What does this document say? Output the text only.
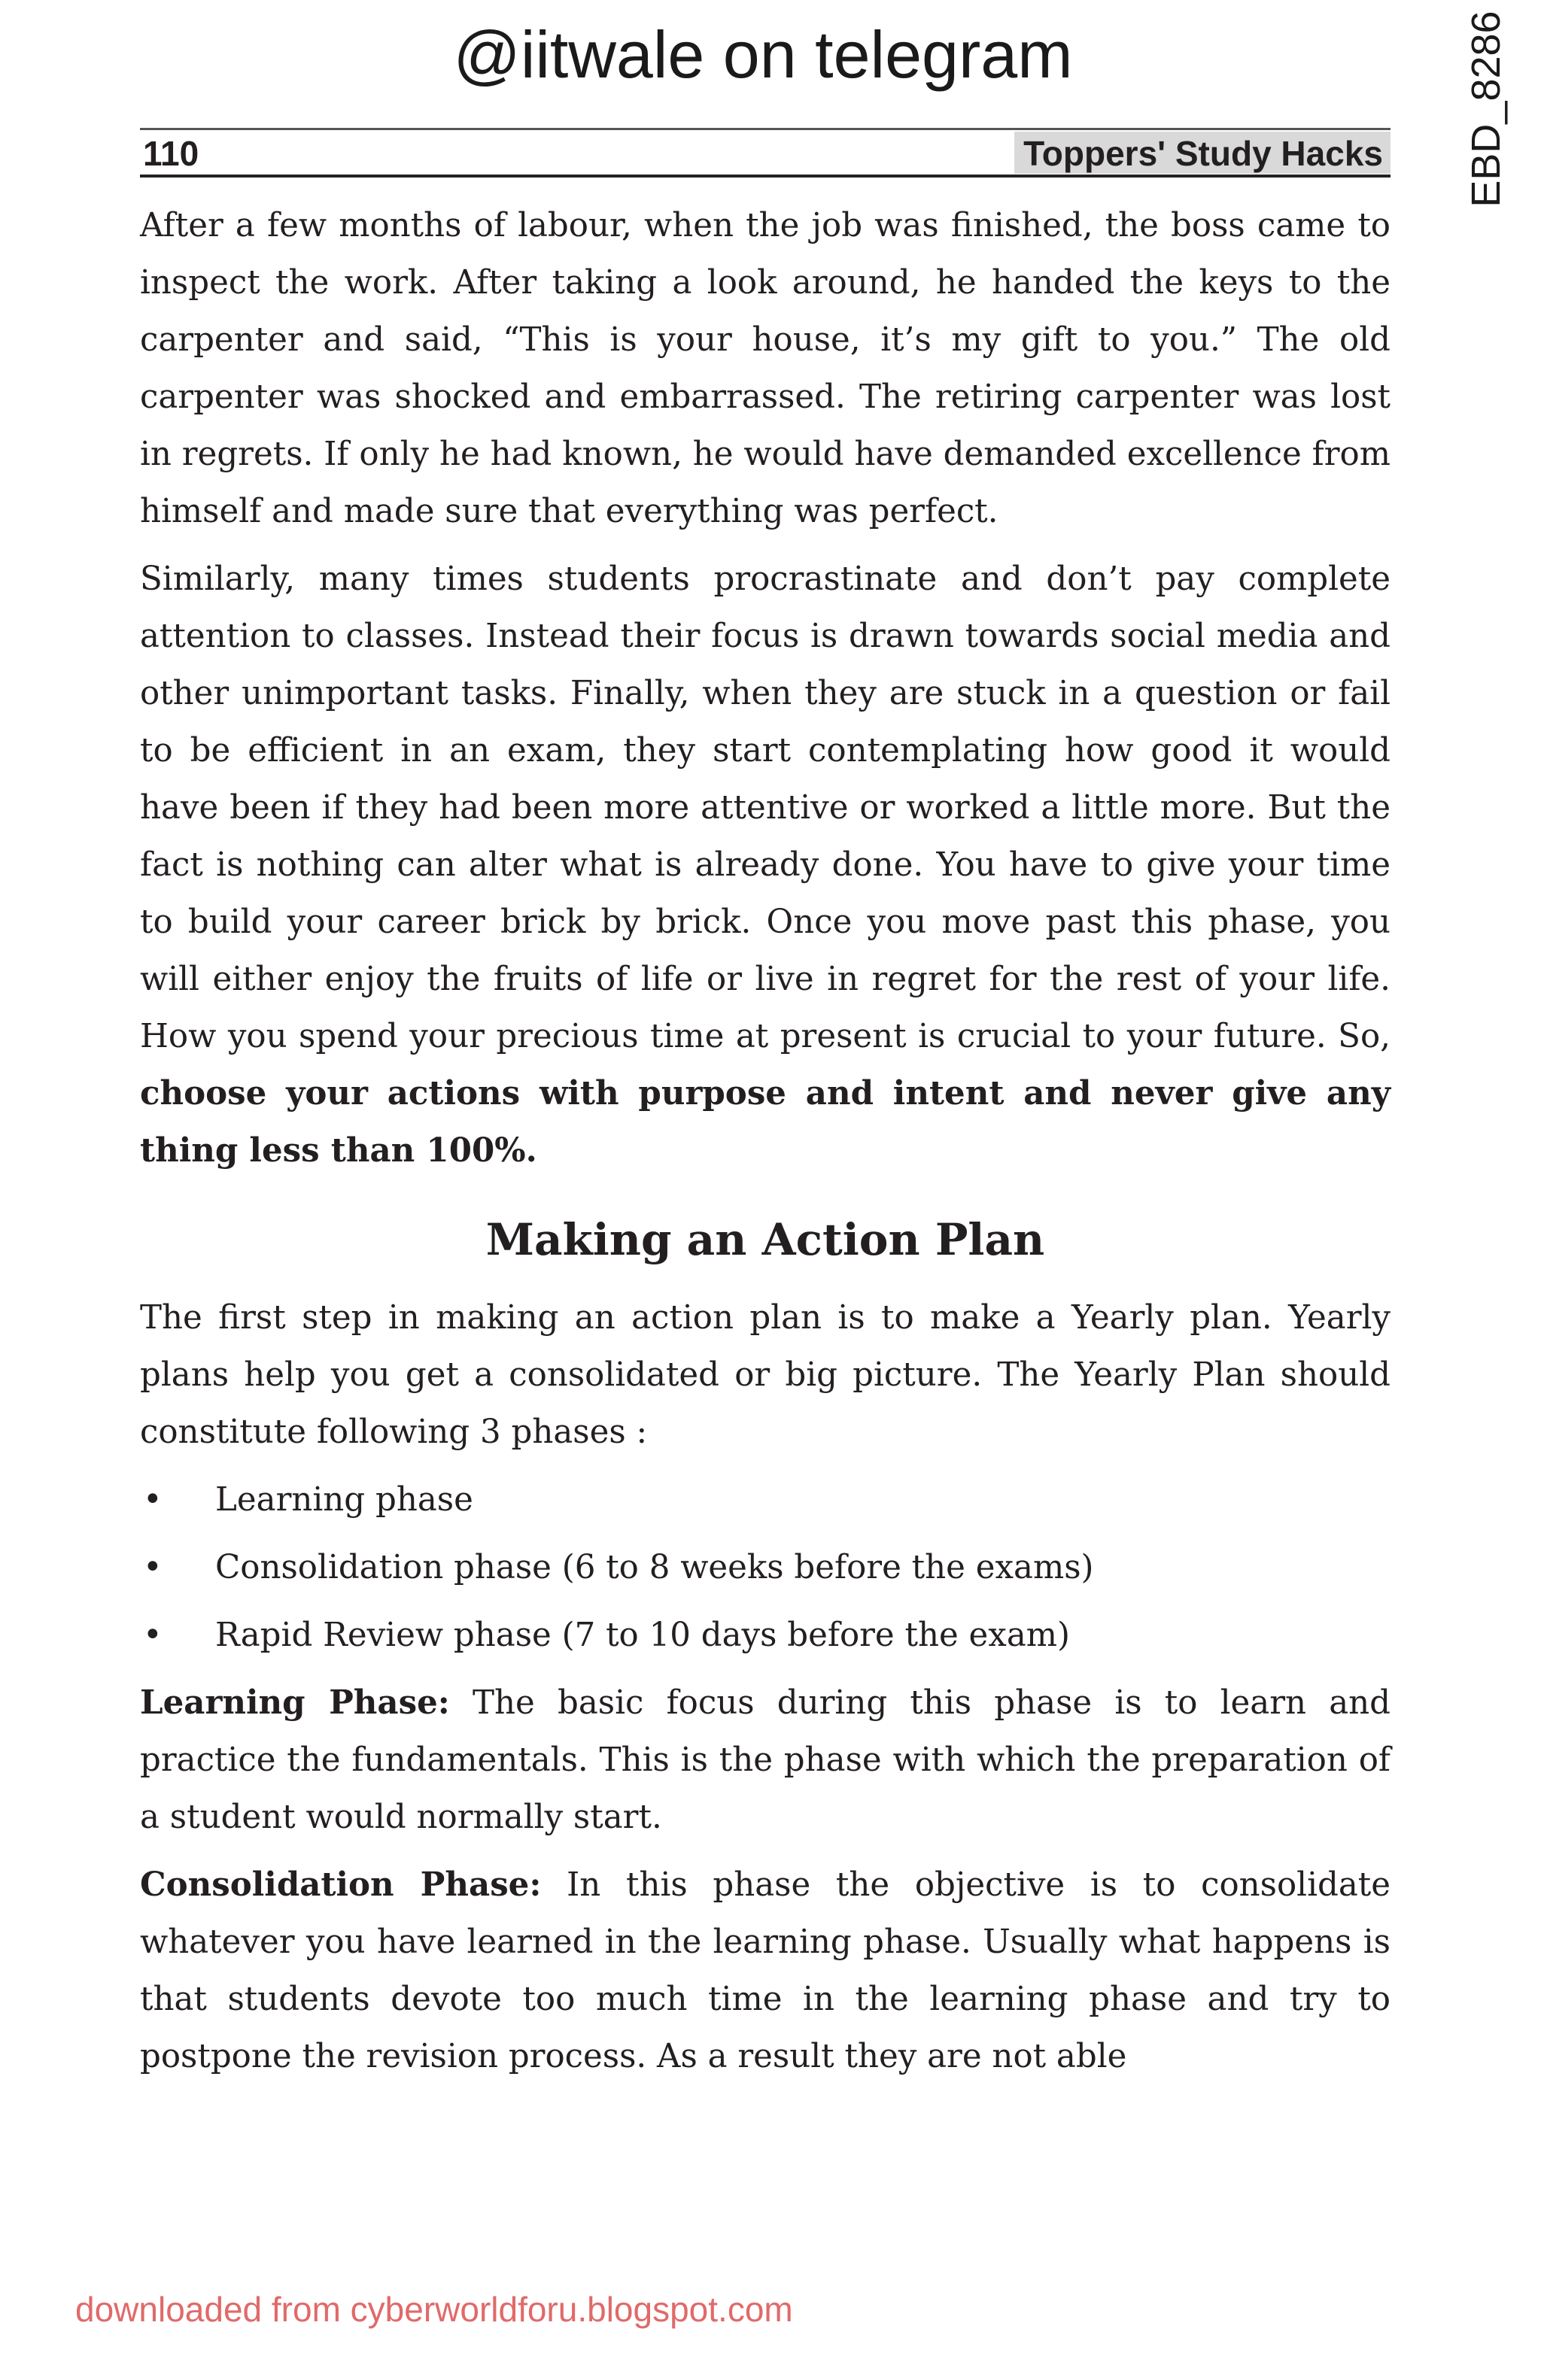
@iitwale on telegram	EBD_8286
110	Toppers' Study Hacks

After a few months of labour, when the job was finished, the boss came to inspect the work. After taking a look around, he handed the keys to the carpenter and said, “This is your house, it’s my gift to you.” The old carpenter was shocked and embarrassed. The retiring carpenter was lost in regrets. If only he had known, he would have demanded excellence from himself and made sure that everything was perfect.

Similarly, many times students procrastinate and don’t pay complete attention to classes. Instead their focus is drawn towards social media and other unimportant tasks. Finally, when they are stuck in a question or fail to be efficient in an exam, they start contemplating how good it would have been if they had been more attentive or worked a little more. But the fact is nothing can alter what is already done. You have to give your time to build your career brick by brick. Once you move past this phase, you will either enjoy the fruits of life or live in regret for the rest of your life. How you spend your precious time at present is crucial to your future. So, choose your actions with purpose and intent and never give any thing less than 100%.

Making an Action Plan

The first step in making an action plan is to make a Yearly plan. Yearly plans help you get a consolidated or big picture. The Yearly Plan should constitute following 3 phases :

• Learning phase
• Consolidation phase (6 to 8 weeks before the exams)
• Rapid Review phase (7 to 10 days before the exam)

Learning Phase: The basic focus during this phase is to learn and practice the fundamentals. This is the phase with which the preparation of a student would normally start.

Consolidation Phase: In this phase the objective is to consolidate whatever you have learned in the learning phase. Usually what happens is that students devote too much time in the learning phase and try to postpone the revision process. As a result they are not able

downloaded from cyberworldforu.blogspot.com
